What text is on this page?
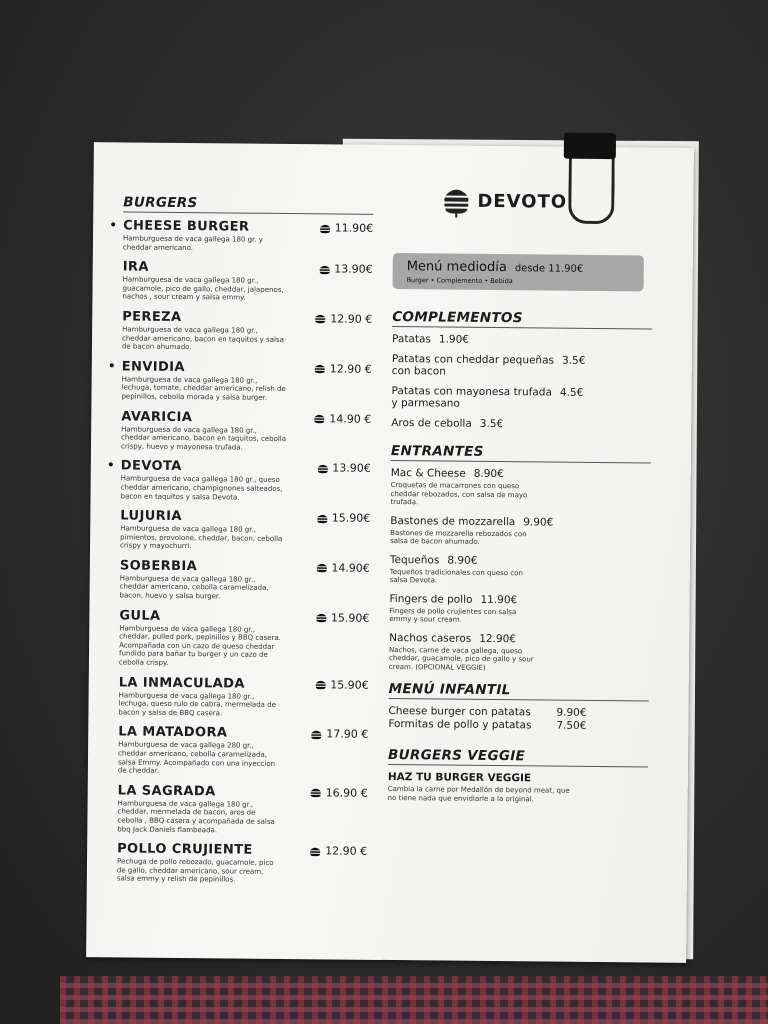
BURGERS
CHEESE BURGER	11.90€
Hamburguesa de vaca gallega 180 gr. y cheddar americano.
IRA	13.90€
Hamburguesa de vaca gallega 180 gr., guacamole, pico de gallo, cheddar, jalapenos, nachos , sour cream y salsa emmy.
PEREZA	12.90 €
Hamburguesa de vaca gallega 180 gr., cheddar americano, bacon en taquitos y salsa de bacon ahumado.
ENVIDIA	12.90 €
Hamburguesa de vaca gallega 180 gr., lechuga, tomate, cheddar americano, relish de pepinillos, cebolla morada y salsa burger.
AVARICIA	14.90 €
Hamburguesa de vaca gallega 180 gr., cheddar americano, bacon en taquitos, cebolla crispy, huevo y mayonesa trufada.
DEVOTA	13.90€
Hamburguesa de vaca gallega 180 gr., queso cheddar americano, champignones salteados, bacon en taquitos y salsa Devota.
LUJURIA	15.90€
Hamburguesa de vaca gallega 180 gr., pimientos, provolone, cheddar, bacon, cebolla crispy y mayochurri.
SOBERBIA	14.90€
Hamburguesa de vaca gallega 180 gr., cheddar americano, cebolla caramelizada, bacon, huevo y salsa burger.
GULA	15.90€
Hamburguesa de vaca gallega 180 gr., cheddar, pulled pork, pepinillos y BBQ casera. Acompañada con un cazo de queso cheddar fundido para bañar tu burger y un cazo de cebolla crispy.
LA INMACULADA	15.90€
Hamburguesa de vaca gallega 180 gr., lechuga, queso rulo de cabra, mermelada de bacon y salsa de BBQ casera.
LA MATADORA	17.90 €
Hamburguesa de vaca gallega 280 gr., cheddar americano, cebolla caramelizada, salsa Emmy. Acompañado con una inyeccion de cheddar.
LA SAGRADA	16.90 €
Hamburguesa de vaca gallega 180 gr., cheddar, mermelada de bacon, aros de cebolla , BBQ casera y acompañada de salsa bbq Jack Daniels flambeada.
POLLO CRUJIENTE	12.90 €
Pechuga de pollo rebozado, guacamole, pico de gallo, cheddar americano, sour cream, salsa emmy y relish de pepinillos.
DEVOTO
Menú mediodía desde 11.90€
Burger • Complemento • Bebida
COMPLEMENTOS
Patatas 1.90€
Patatas con cheddar pequeñas 3.5€
con bacon
Patatas con mayonesa trufada 4.5€
y parmesano
Aros de cebolla 3.5€
ENTRANTES
Mac & Cheese 8.90€
Croquetas de macarrones con queso cheddar rebozados, con salsa de mayo trufada.
Bastones de mozzarella 9.90€
Bastones de mozzarella rebozados con salsa de bacon ahumado.
Tequeños 8.90€
Tequeños tradicionales con queso con salsa Devota.
Fingers de pollo 11.90€
Fingers de pollo crujientes con salsa emmy y sour cream.
Nachos caseros 12.90€
Nachos, carne de vaca gallega, queso cheddar, guacamole, pico de gallo y sour cream. (OPCIONAL VEGGIE)
MENÚ INFANTIL
Cheese burger con patatas	9.90€
Formitas de pollo y patatas	7.50€
BURGERS VEGGIE
HAZ TU BURGER VEGGIE
Cambia la carne por Medallón de beyond meat, que no tiene nada que envidiarle a la original.
